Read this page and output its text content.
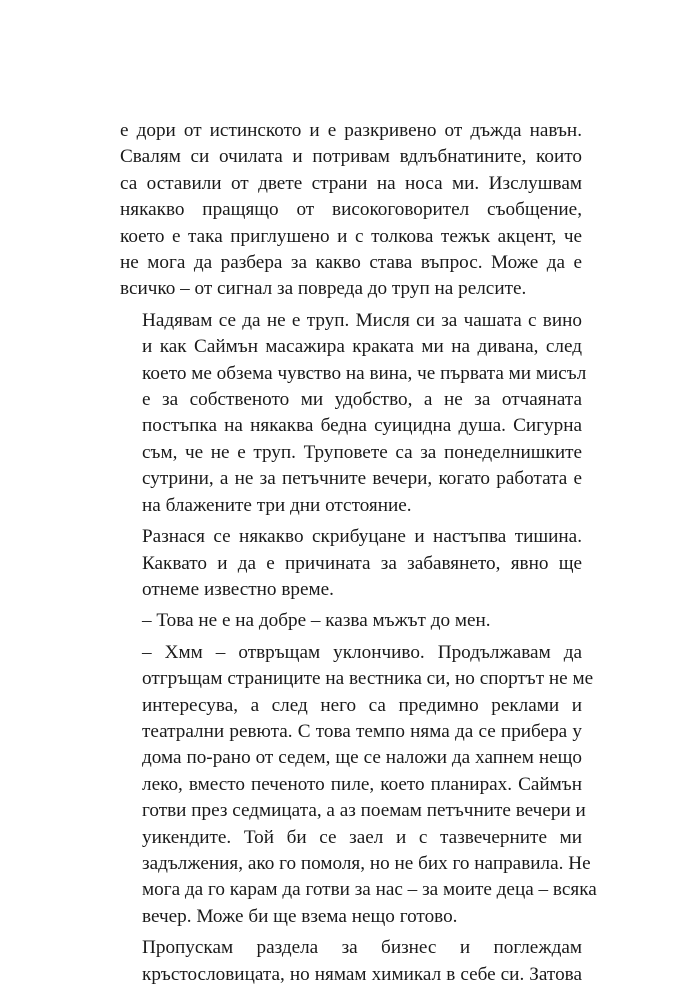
е дори от истинското и е разкривено от дъжда навън.
Свалям си очилата и потривам вдлъбнатините, които
са оставили от двете страни на носа ми. Изслушвам
някакво пращящо от високоговорител съобщение,
което е така приглушено и с толкова тежък акцент, че
не мога да разбера за какво става въпрос. Може да е
всичко – от сигнал за повреда до труп на релсите.
Надявам се да не е труп. Мисля си за чашата с вино
и как Саймън масажира краката ми на дивана, след
което ме обзема чувство на вина, че първата ми мисъл
е за собственото ми удобство, а не за отчаяната
постъпка на някаква бедна суицидна душа. Сигурна
съм, че не е труп. Труповете са за понеделнишките
сутрини, а не за петъчните вечери, когато работата е
на блажените три дни отстояние.
Разнася се някакво скрибуцане и настъпва тишина.
Каквато и да е причината за забавянето, явно ще
отнеме известно време.
– Това не е на добре – казва мъжът до мен.
– Хмм – отвръщам уклончиво. Продължавам да
отгръщам страниците на вестника си, но спортът не ме
интересува, а след него са предимно реклами и
театрални ревюта. С това темпо няма да се прибера у
дома по-рано от седем, ще се наложи да хапнем нещо
леко, вместо печеното пиле, което планирах. Саймън
готви през седмицата, а аз поемам петъчните вечери и
уикендите. Той би се заел и с тазвечерните ми
задължения, ако го помоля, но не бих го направила. Не
мога да го карам да готви за нас – за моите деца – всяка
вечер. Може би ще взема нещо готово.
Пропускам раздела за бизнес и поглеждам
кръстословицата, но нямам химикал в себе си. Затова
